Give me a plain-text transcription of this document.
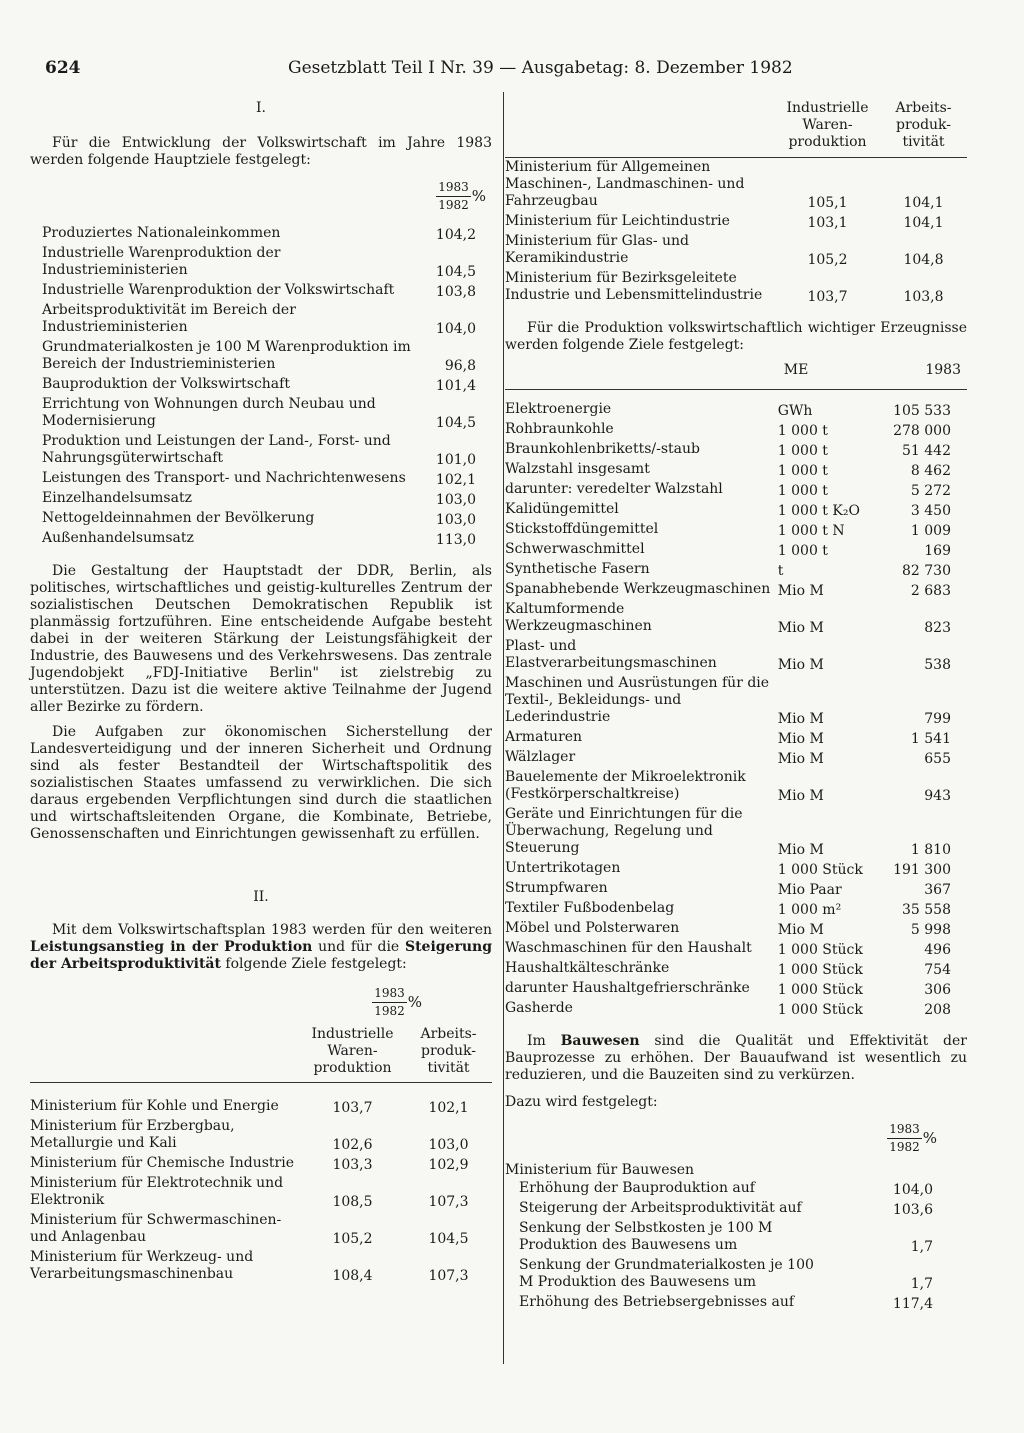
624	Gesetzblatt Teil I Nr. 39 — Ausgabetag: 8. Dezember 1982
I.

Für die Entwicklung der Volkswirtschaft im Jahre 1983 werden folgende Hauptziele festgelegt:

$\frac{1983}{1982}$ %
Produziertes Nationaleinkommen	104,2
Industrielle Warenproduktion der Industrieministerien	104,5
Industrielle Warenproduktion der Volkswirtschaft	103,8
Arbeitsproduktivität im Bereich der Industrieministerien	104,0
Grundmaterialkosten je 100 M Warenproduktion im Bereich der Industrieministerien	96,8
Bauproduktion der Volkswirtschaft	101,4
Errichtung von Wohnungen durch Neubau und Modernisierung	104,5
Produktion und Leistungen der Land-, Forst- und Nahrungsgüterwirtschaft	101,0
Leistungen des Transport- und Nachrichtenwesens	102,1
Einzelhandelsumsatz	103,0
Nettogeldeinnahmen der Bevölkerung	103,0
Außenhandelsumsatz	113,0

Die Gestaltung der Hauptstadt der DDR, Berlin, als politisches, wirtschaftliches und geistig-kulturelles Zentrum der sozialistischen Deutschen Demokratischen Republik ist planmässig fortzuführen. Eine entscheidende Aufgabe besteht dabei in der weiteren Stärkung der Leistungsfähigkeit der Industrie, des Bauwesens und des Verkehrswesens. Das zentrale Jugendobjekt „FDJ-Initiative Berlin" ist zielstrebig zu unterstützen. Dazu ist die weitere aktive Teilnahme der Jugend aller Bezirke zu fördern.

Die Aufgaben zur ökonomischen Sicherstellung der Landesverteidigung und der inneren Sicherheit und Ordnung sind als fester Bestandteil der Wirtschaftspolitik des sozialistischen Staates umfassend zu verwirklichen. Die sich daraus ergebenden Verpflichtungen sind durch die staatlichen und wirtschaftsleitenden Organe, die Kombinate, Betriebe, Genossenschaften und Einrichtungen gewissenhaft zu erfüllen.

II.

Mit dem Volkswirtschaftsplan 1983 werden für den weiteren Leistungsanstieg in der Produktion und für die Steigerung der Arbeitsproduktivität folgende Ziele festgelegt:

$\frac{1983}{1982}$ %
	Industrielle Waren- produktion	Arbeits- produk- tivität

Ministerium für Kohle und Energie	103,7	102,1
Ministerium für Erzbergbau, Metallurgie und Kali	102,6	103,0
Ministerium für Chemische Industrie	103,3	102,9
Ministerium für Elektrotechnik und Elektronik	108,5	107,3
Ministerium für Schwermaschinen- und Anlagenbau	105,2	104,5
Ministerium für Werkzeug- und Verarbeitungsmaschinenbau	108,4	107,3
	Industrielle Waren- produktion	Arbeits- produk- tivität
Ministerium für Allgemeinen Maschinen-, Landmaschinen- und Fahrzeugbau	105,1	104,1
Ministerium für Leichtindustrie	103,1	104,1
Ministerium für Glas- und Keramikindustrie	105,2	104,8
Ministerium für Bezirksgeleitete Industrie und Lebensmittelindustrie	103,7	103,8

Für die Produktion volkswirtschaftlich wichtiger Erzeugnisse werden folgende Ziele festgelegt:

	ME	1983

Elektroenergie	GWh	105 533
Rohbraunkohle	1 000 t	278 000
Braunkohlenbriketts/-staub	1 000 t	51 442
Walzstahl insgesamt	1 000 t	8 462
darunter: veredelter Walzstahl	1 000 t	5 272
Kalidüngemittel	1 000 t K₂O	3 450
Stickstoffdüngemittel	1 000 t N	1 009
Schwerwaschmittel	1 000 t	169
Synthetische Fasern	t	82 730
Spanabhebende Werkzeugmaschinen	Mio M	2 683
Kaltumformende Werkzeugmaschinen	Mio M	823
Plast- und Elastverarbeitungsmaschinen	Mio M	538
Maschinen und Ausrüstungen für die Textil-, Bekleidungs- und Lederindustrie	Mio M	799
Armaturen	Mio M	1 541
Wälzlager	Mio M	655
Bauelemente der Mikroelektronik (Festkörperschaltkreise)	Mio M	943
Geräte und Einrichtungen für die Überwachung, Regelung und Steuerung	Mio M	1 810
Untertrikotagen	1 000 Stück	191 300
Strumpfwaren	Mio Paar	367
Textiler Fußbodenbelag	1 000 m²	35 558
Möbel und Polsterwaren	Mio M	5 998
Waschmaschinen für den Haushalt	1 000 Stück	496
Haushaltkälteschränke	1 000 Stück	754
darunter Haushaltgefrierschränke	1 000 Stück	306
Gasherde	1 000 Stück	208

Im Bauwesen sind die Qualität und Effektivität der Bauprozesse zu erhöhen. Der Bauaufwand ist wesentlich zu reduzieren, und die Bauzeiten sind zu verkürzen.

Dazu wird festgelegt:
$\frac{1983}{1982}$ %
Ministerium für Bauwesen
Erhöhung der Bauproduktion auf	104,0
Steigerung der Arbeitsproduktivität auf	103,6
Senkung der Selbstkosten je 100 M Produktion des Bauwesens um	1,7
Senkung der Grundmaterialkosten je 100 M Produktion des Bauwesens um	1,7
Erhöhung des Betriebsergebnisses auf	117,4
